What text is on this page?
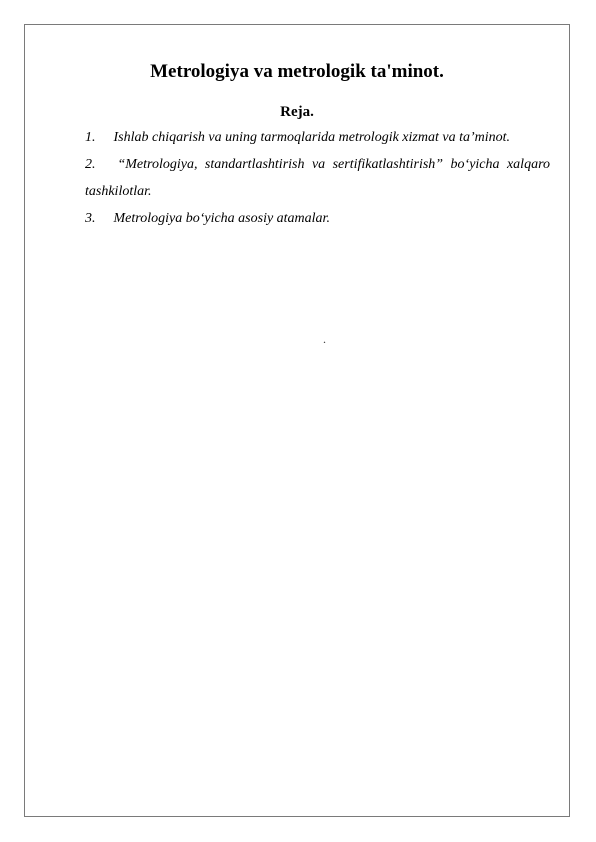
Metrologiya va metrologik ta'minot.
Reja.
1. Ishlab chiqarish va uning tarmoqlarida metrologik xizmat va ta’minot.
2. “Metrologiya, standartlashtirish va sertifikatlashtirish” bo‘yicha xalqaro tashkilotlar.
3. Metrologiya bo‘yicha asosiy atamalar.
.
